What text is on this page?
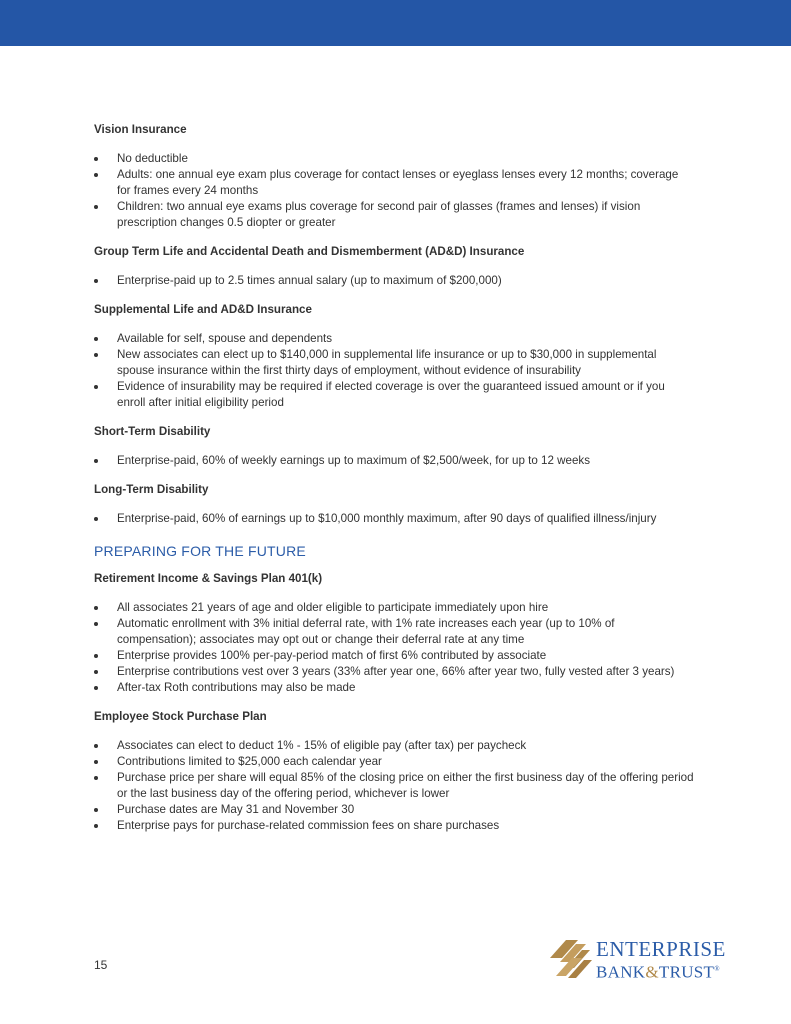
Vision Insurance

No deductible
Adults: one annual eye exam plus coverage for contact lenses or eyeglass lenses every 12 months; coverage for frames every 24 months
Children: two annual eye exams plus coverage for second pair of glasses (frames and lenses) if vision prescription changes 0.5 diopter or greater

Group Term Life and Accidental Death and Dismemberment (AD&D) Insurance

Enterprise-paid up to 2.5 times annual salary (up to maximum of $200,000)

Supplemental Life and AD&D Insurance

Available for self, spouse and dependents
New associates can elect up to $140,000 in supplemental life insurance or up to $30,000 in supplemental spouse insurance within the first thirty days of employment, without evidence of insurability
Evidence of insurability may be required if elected coverage is over the guaranteed issued amount or if you enroll after initial eligibility period

Short-Term Disability

Enterprise-paid, 60% of weekly earnings up to maximum of $2,500/week, for up to 12 weeks

Long-Term Disability

Enterprise-paid, 60% of earnings up to $10,000 monthly maximum, after 90 days of qualified illness/injury

PREPARING FOR THE FUTURE

Retirement Income & Savings Plan 401(k)

All associates 21 years of age and older eligible to participate immediately upon hire
Automatic enrollment with 3% initial deferral rate, with 1% rate increases each year (up to 10% of compensation); associates may opt out or change their deferral rate at any time
Enterprise provides 100% per-pay-period match of first 6% contributed by associate
Enterprise contributions vest over 3 years (33% after year one, 66% after year two, fully vested after 3 years)
After-tax Roth contributions may also be made

Employee Stock Purchase Plan

Associates can elect to deduct 1% - 15% of eligible pay (after tax) per paycheck
Contributions limited to $25,000 each calendar year
Purchase price per share will equal 85% of the closing price on either the first business day of the offering period or the last business day of the offering period, whichever is lower
Purchase dates are May 31 and November 30
Enterprise pays for purchase-related commission fees on share purchases
15
ENTERPRISE
BANK&TRUST®
